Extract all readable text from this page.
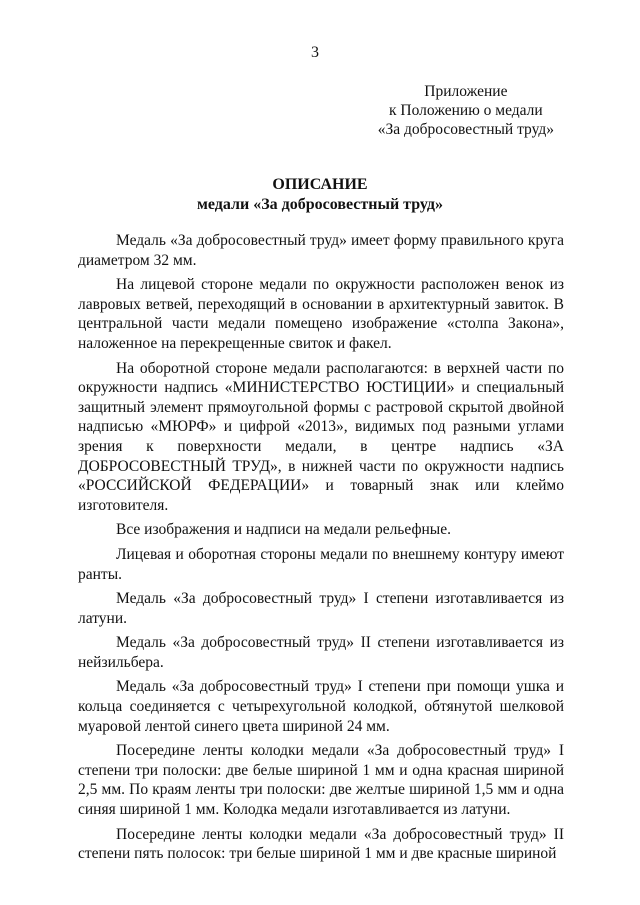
3
Приложение
к Положению о медали
«За добросовестный труд»
ОПИСАНИЕ
медали «За добросовестный труд»

Медаль «За добросовестный труд» имеет форму правильного круга диаметром 32 мм.

На лицевой стороне медали по окружности расположен венок из лавровых ветвей, переходящий в основании в архитектурный завиток. В центральной части медали помещено изображение «столпа Закона», наложенное на перекрещенные свиток и факел.

На оборотной стороне медали располагаются: в верхней части по окружности надпись «МИНИСТЕРСТВО ЮСТИЦИИ» и специальный защитный элемент прямоугольной формы с растровой скрытой двойной надписью «МЮРФ» и цифрой «2013», видимых под разными углами зрения к поверхности медали, в центре надпись «ЗА ДОБРОСОВЕСТНЫЙ ТРУД», в нижней части по окружности надпись «РОССИЙСКОЙ ФЕДЕРАЦИИ» и товарный знак или клеймо изготовителя.

Все изображения и надписи на медали рельефные.

Лицевая и оборотная стороны медали по внешнему контуру имеют ранты.

Медаль «За добросовестный труд» I степени изготавливается из латуни.

Медаль «За добросовестный труд» II степени изготавливается из нейзильбера.

Медаль «За добросовестный труд» I степени при помощи ушка и кольца соединяется с четырехугольной колодкой, обтянутой шелковой муаровой лентой синего цвета шириной 24 мм.

Посередине ленты колодки медали «За добросовестный труд» I степени три полоски: две белые шириной 1 мм и одна красная шириной 2,5 мм. По краям ленты три полоски: две желтые шириной 1,5 мм и одна синяя шириной 1 мм. Колодка медали изготавливается из латуни.

Посередине ленты колодки медали «За добросовестный труд» II степени пять полосок: три белые шириной 1 мм и две красные шириной
